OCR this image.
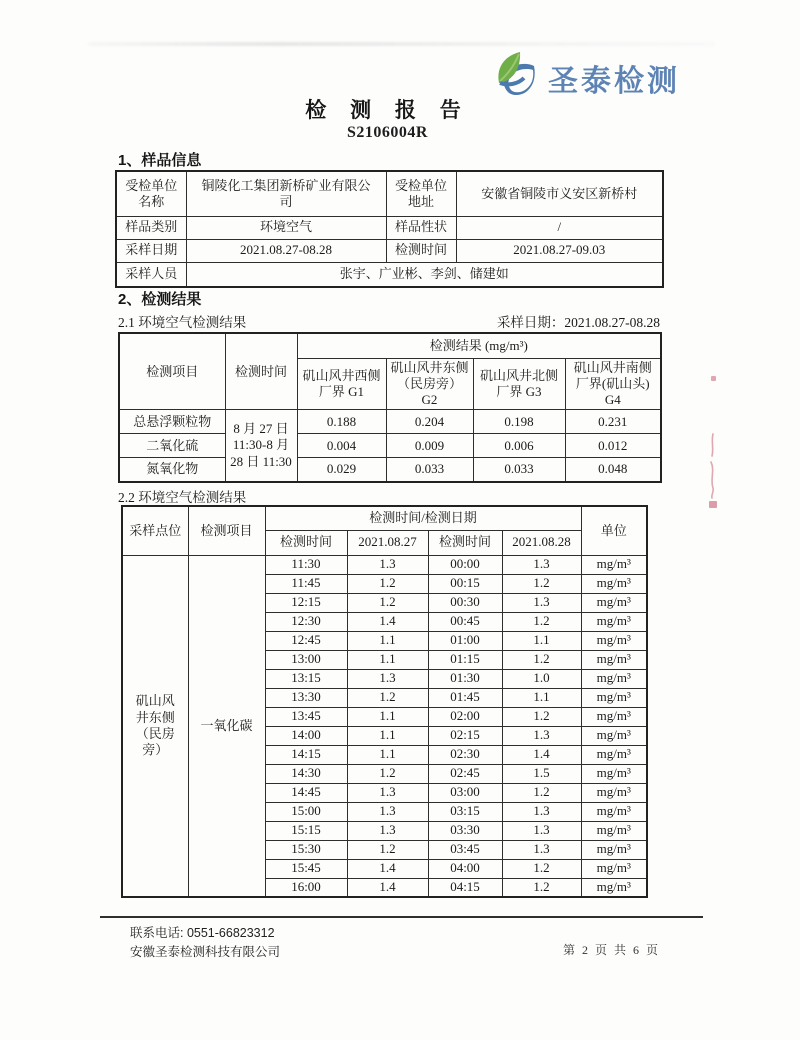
圣泰检测
检 测 报 告
S2106004R
1、样品信息
受检单位名称	铜陵化工集团新桥矿业有限公司	受检单位地址	安徽省铜陵市义安区新桥村
样品类别	环境空气	样品性状	/
采样日期	2021.08.27-08.28	检测时间	2021.08.27-09.03
采样人员	张宇、广业彬、李剑、储建如		
2、检测结果
2.1 环境空气检测结果	采样日期：2021.08.27-08.28
检测项目	检测时间	检测结果 (mg/m³)			
		矶山风井西侧厂界 G1	矶山风井东侧（民房旁）G2	矶山风井北侧厂界 G3	矶山风井南侧厂界(矶山头) G4
总悬浮颗粒物	8 月 27 日 11:30-8 月 28 日 11:30	0.188	0.204	0.198	0.231
二氧化硫		0.004	0.009	0.006	0.012
氮氧化物		0.029	0.033	0.033	0.048
2.2 环境空气检测结果
采样点位	检测项目	检测时间/检测日期				单位
		检测时间	2021.08.27	检测时间	2021.08.28	
矶山风井东侧（民房旁）	一氧化碳	11:30	1.3	00:00	1.3	mg/m³
		11:45	1.2	00:15	1.2	mg/m³
		12:15	1.2	00:30	1.3	mg/m³
		12:30	1.4	00:45	1.2	mg/m³
		12:45	1.1	01:00	1.1	mg/m³
		13:00	1.1	01:15	1.2	mg/m³
		13:15	1.3	01:30	1.0	mg/m³
		13:30	1.2	01:45	1.1	mg/m³
		13:45	1.1	02:00	1.2	mg/m³
		14:00	1.1	02:15	1.3	mg/m³
		14:15	1.1	02:30	1.4	mg/m³
		14:30	1.2	02:45	1.5	mg/m³
		14:45	1.3	03:00	1.2	mg/m³
		15:00	1.3	03:15	1.3	mg/m³
		15:15	1.3	03:30	1.3	mg/m³
		15:30	1.2	03:45	1.3	mg/m³
		15:45	1.4	04:00	1.2	mg/m³
		16:00	1.4	04:15	1.2	mg/m³
联系电话: 0551-66823312
安徽圣泰检测科技有限公司	第 2 页 共 6 页
